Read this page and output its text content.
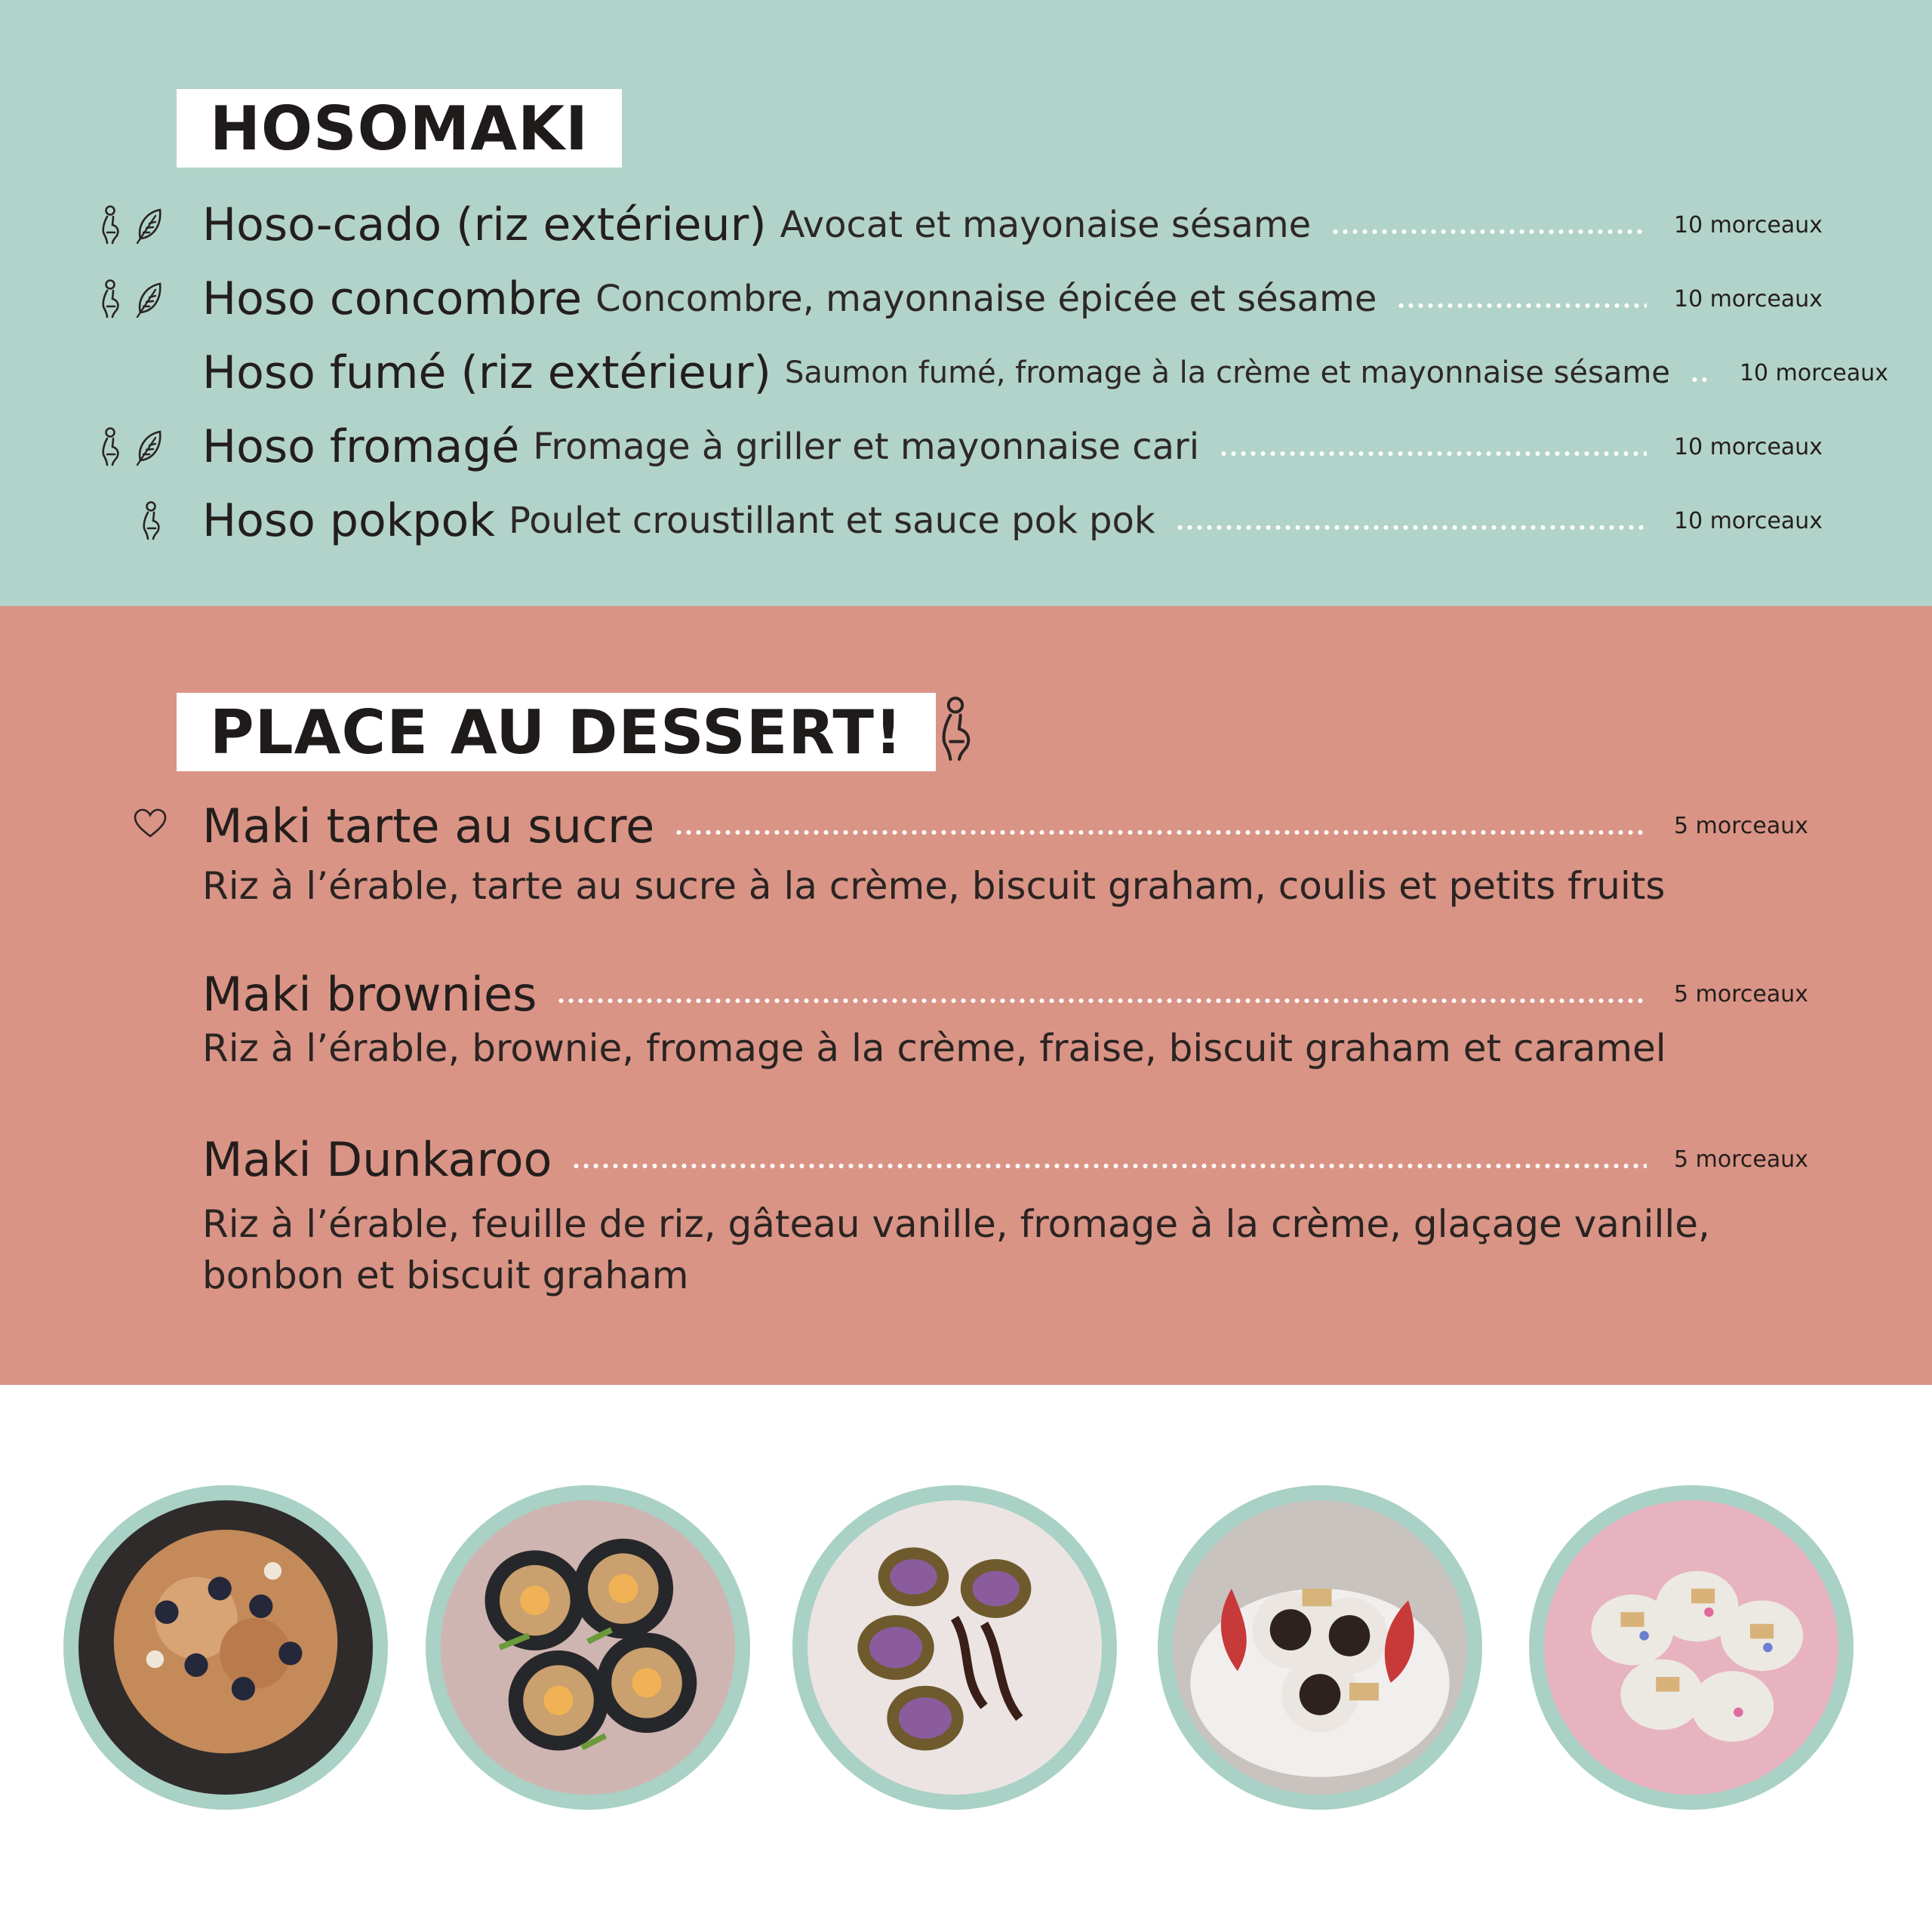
HOSOMAKI
Hoso-cado (riz extérieur) Avocat et mayonaise sésame	10 morceaux
Hoso concombre Concombre, mayonnaise épicée et sésame	10 morceaux
Hoso fumé (riz extérieur) Saumon fumé, fromage à la crème et mayonnaise sésame	10 morceaux
Hoso fromagé Fromage à griller et mayonnaise cari	10 morceaux
Hoso pokpok Poulet croustillant et sauce pok pok	10 morceaux
PLACE AU DESSERT!
Maki tarte au sucre	5 morceaux
Riz à l’érable, tarte au sucre à la crème, biscuit graham, coulis et petits fruits
Maki brownies	5 morceaux
Riz à l’érable, brownie, fromage à la crème, fraise, biscuit graham et caramel
Maki Dunkaroo	5 morceaux
Riz à l’érable, feuille de riz, gâteau vanille, fromage à la crème, glaçage vanille, bonbon et biscuit graham
